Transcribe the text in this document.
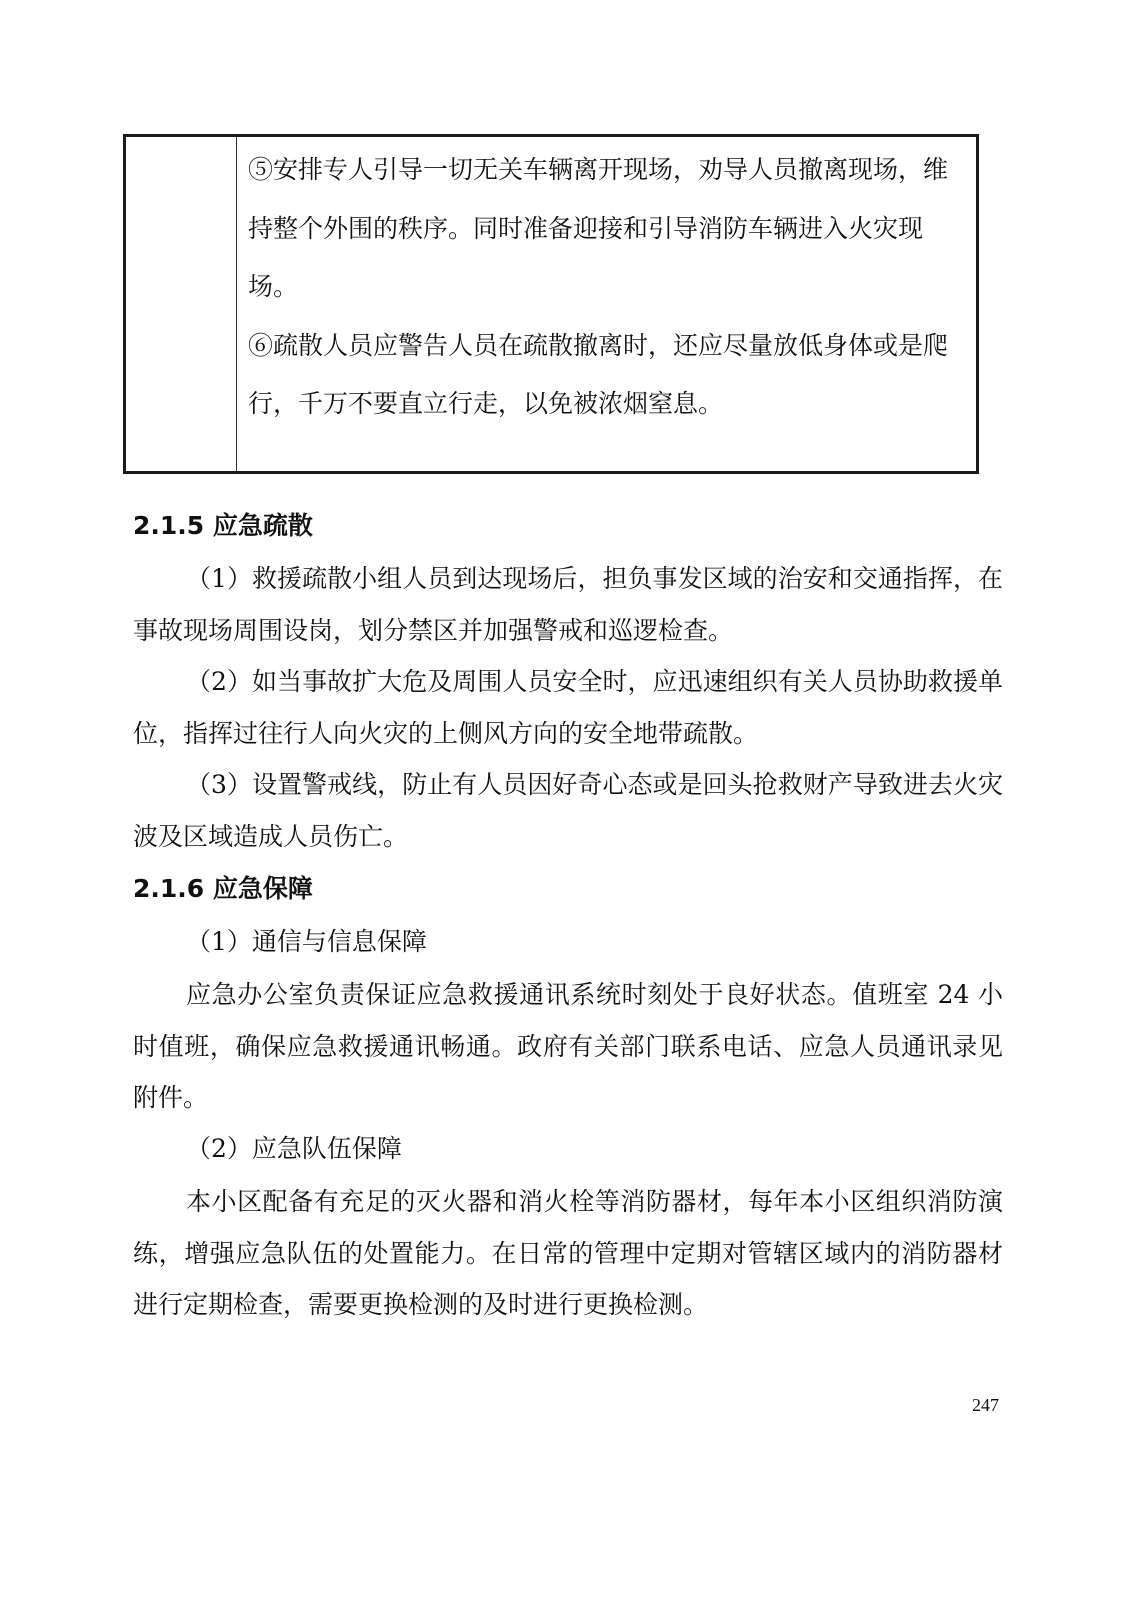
⑤安排专人引导一切无关车辆离开现场，劝导人员撤离现场，维持整个外围的秩序。同时准备迎接和引导消防车辆进入火灾现场。

⑥疏散人员应警告人员在疏散撤离时，还应尽量放低身体或是爬行，千万不要直立行走，以免被浓烟窒息。

2.1.5 应急疏散

（1）救援疏散小组人员到达现场后，担负事发区域的治安和交通指挥，在事故现场周围设岗，划分禁区并加强警戒和巡逻检查。

（2）如当事故扩大危及周围人员安全时，应迅速组织有关人员协助救援单位，指挥过往行人向火灾的上侧风方向的安全地带疏散。

（3）设置警戒线，防止有人员因好奇心态或是回头抢救财产导致进去火灾波及区域造成人员伤亡。

2.1.6 应急保障

（1）通信与信息保障

应急办公室负责保证应急救援通讯系统时刻处于良好状态。值班室 24 小时值班，确保应急救援通讯畅通。政府有关部门联系电话、应急人员通讯录见附件。

（2）应急队伍保障

本小区配备有充足的灭火器和消火栓等消防器材，每年本小区组织消防演练，增强应急队伍的处置能力。在日常的管理中定期对管辖区域内的消防器材进行定期检查，需要更换检测的及时进行更换检测。

247
